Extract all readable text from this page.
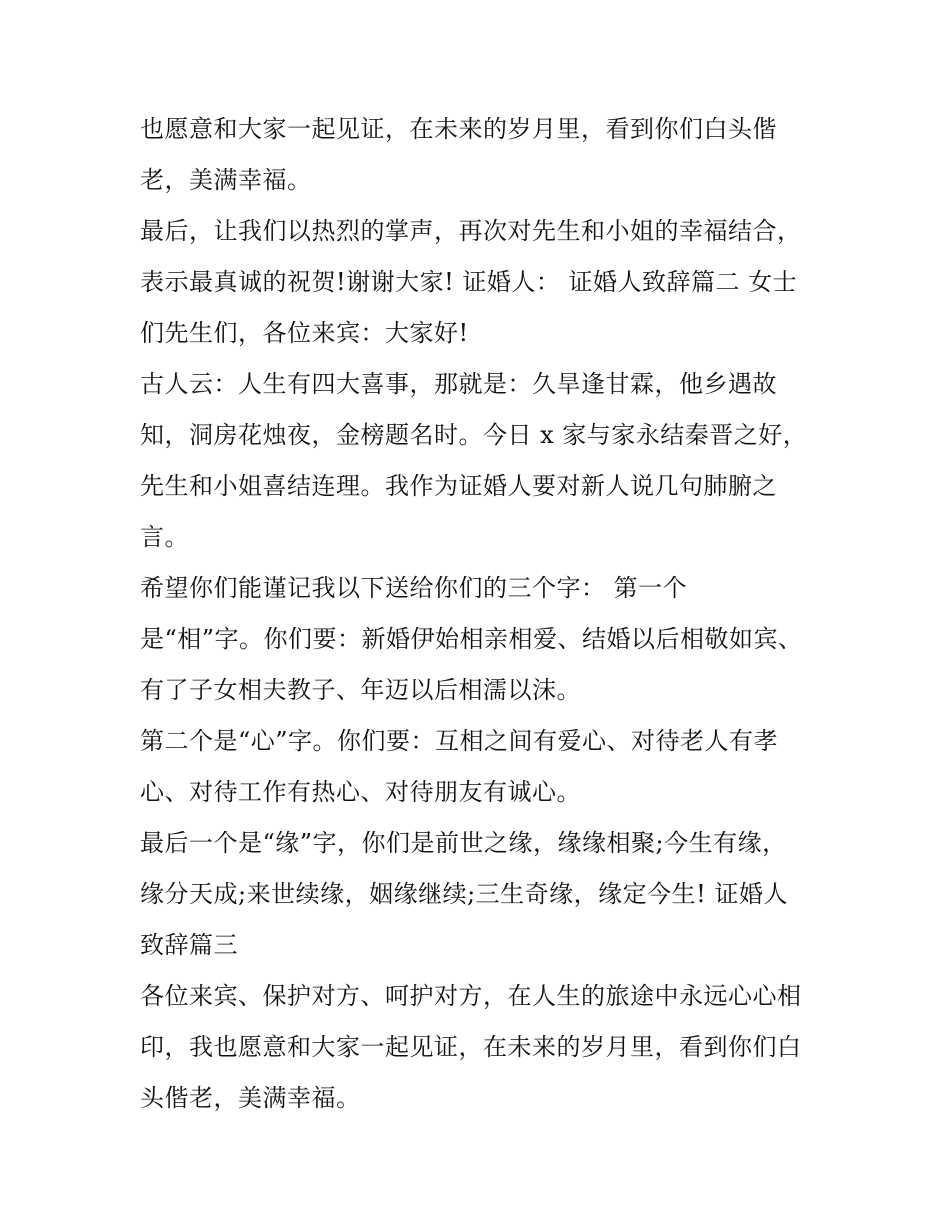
也愿意和大家一起见证，在未来的岁月里，看到你们白头偕
老，美满幸福。
最后，让我们以热烈的掌声，再次对先生和小姐的幸福结合，
表示最真诚的祝贺!谢谢大家! 证婚人： 证婚人致辞篇二 女士
们先生们，各位来宾：大家好!
古人云：人生有四大喜事，那就是：久旱逢甘霖，他乡遇故
知，洞房花烛夜，金榜题名时。今日 x 家与家永结秦晋之好，
先生和小姐喜结连理。我作为证婚人要对新人说几句肺腑之
言。
希望你们能谨记我以下送给你们的三个字： 第一个
是“相”字。你们要：新婚伊始相亲相爱、结婚以后相敬如宾、
有了子女相夫教子、年迈以后相濡以沫。
第二个是“心”字。你们要：互相之间有爱心、对待老人有孝
心、对待工作有热心、对待朋友有诚心。
最后一个是“缘”字，你们是前世之缘，缘缘相聚;今生有缘，
缘分天成;来世续缘，姻缘继续;三生奇缘，缘定今生! 证婚人
致辞篇三
各位来宾、保护对方、呵护对方，在人生的旅途中永远心心相
印，我也愿意和大家一起见证，在未来的岁月里，看到你们白
头偕老，美满幸福。
